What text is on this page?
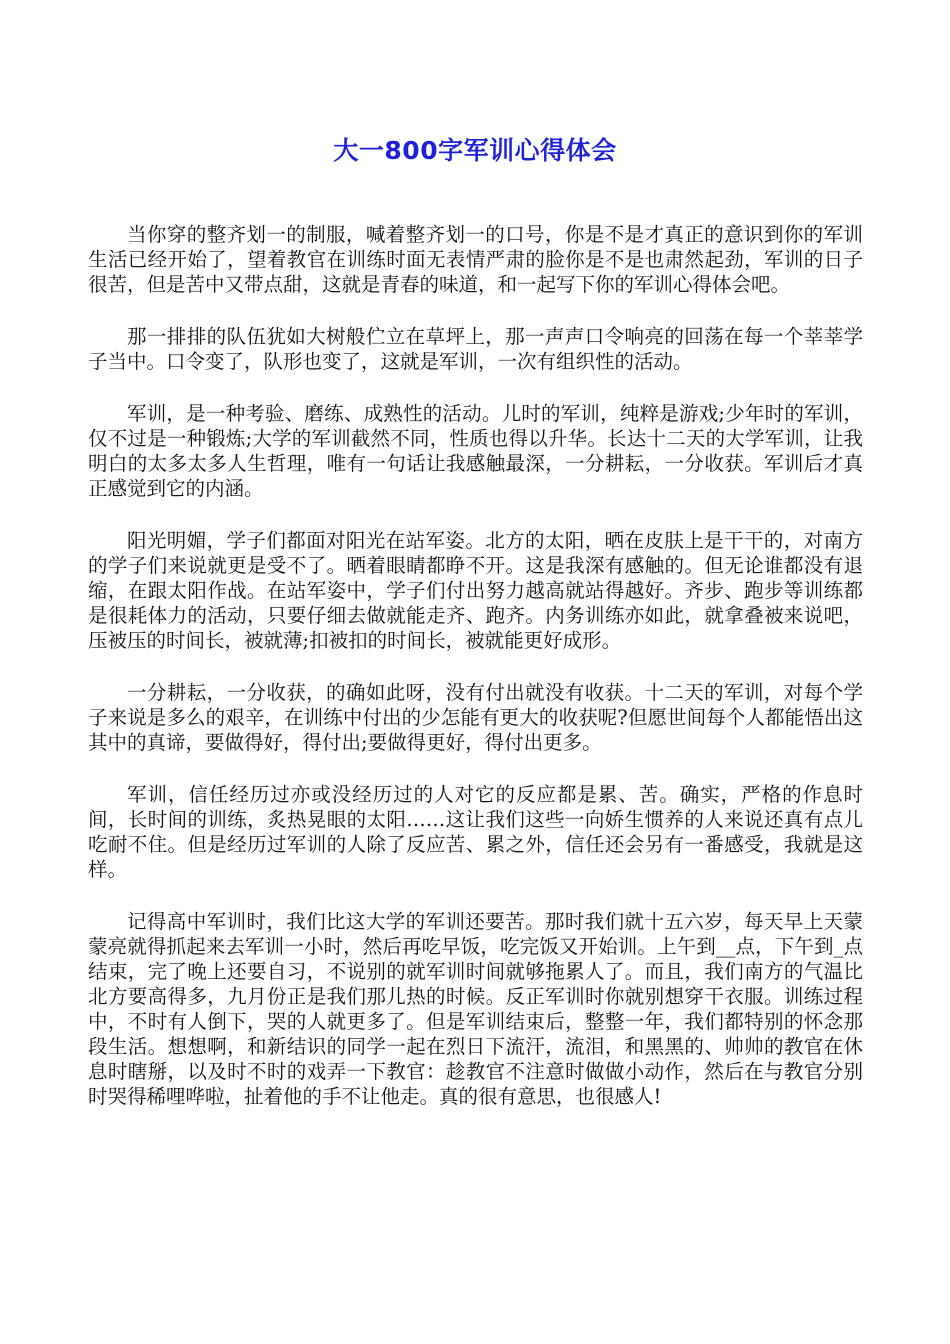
大一800字军训心得体会

当你穿的整齐划一的制服，喊着整齐划一的口号，你是不是才真正的意识到你的军训生活已经开始了，望着教官在训练时面无表情严肃的脸你是不是也肃然起劲，军训的日子很苦，但是苦中又带点甜，这就是青春的味道，和一起写下你的军训心得体会吧。

那一排排的队伍犹如大树般伫立在草坪上，那一声声口令响亮的回荡在每一个莘莘学子当中。口令变了，队形也变了，这就是军训，一次有组织性的活动。

军训，是一种考验、磨练、成熟性的活动。儿时的军训，纯粹是游戏;少年时的军训，仅不过是一种锻炼;大学的军训截然不同，性质也得以升华。长达十二天的大学军训，让我明白的太多太多人生哲理，唯有一句话让我感触最深，一分耕耘，一分收获。军训后才真正感觉到它的内涵。

阳光明媚，学子们都面对阳光在站军姿。北方的太阳，晒在皮肤上是干干的，对南方的学子们来说就更是受不了。晒着眼睛都睁不开。这是我深有感触的。但无论谁都没有退缩，在跟太阳作战。在站军姿中，学子们付出努力越高就站得越好。齐步、跑步等训练都是很耗体力的活动，只要仔细去做就能走齐、跑齐。内务训练亦如此，就拿叠被来说吧，压被压的时间长，被就薄;扣被扣的时间长，被就能更好成形。

一分耕耘，一分收获，的确如此呀，没有付出就没有收获。十二天的军训，对每个学子来说是多么的艰辛，在训练中付出的少怎能有更大的收获呢?但愿世间每个人都能悟出这其中的真谛，要做得好，得付出;要做得更好，得付出更多。

军训，信任经历过亦或没经历过的人对它的反应都是累、苦。确实，严格的作息时间，长时间的训练，炙热晃眼的太阳……这让我们这些一向娇生惯养的人来说还真有点儿吃耐不住。但是经历过军训的人除了反应苦、累之外，信任还会另有一番感受，我就是这样。

记得高中军训时，我们比这大学的军训还要苦。那时我们就十五六岁，每天早上天蒙蒙亮就得抓起来去军训一小时，然后再吃早饭，吃完饭又开始训。上午到__点，下午到_点结束，完了晚上还要自习，不说别的就军训时间就够拖累人了。而且，我们南方的气温比北方要高得多，九月份正是我们那儿热的时候。反正军训时你就别想穿干衣服。训练过程中，不时有人倒下，哭的人就更多了。但是军训结束后，整整一年，我们都特别的怀念那段生活。想想啊，和新结识的同学一起在烈日下流汗，流泪，和黑黑的、帅帅的教官在休息时瞎掰，以及时不时的戏弄一下教官：趁教官不注意时做做小动作，然后在与教官分别时哭得稀哩哗啦，扯着他的手不让他走。真的很有意思，也很感人!
